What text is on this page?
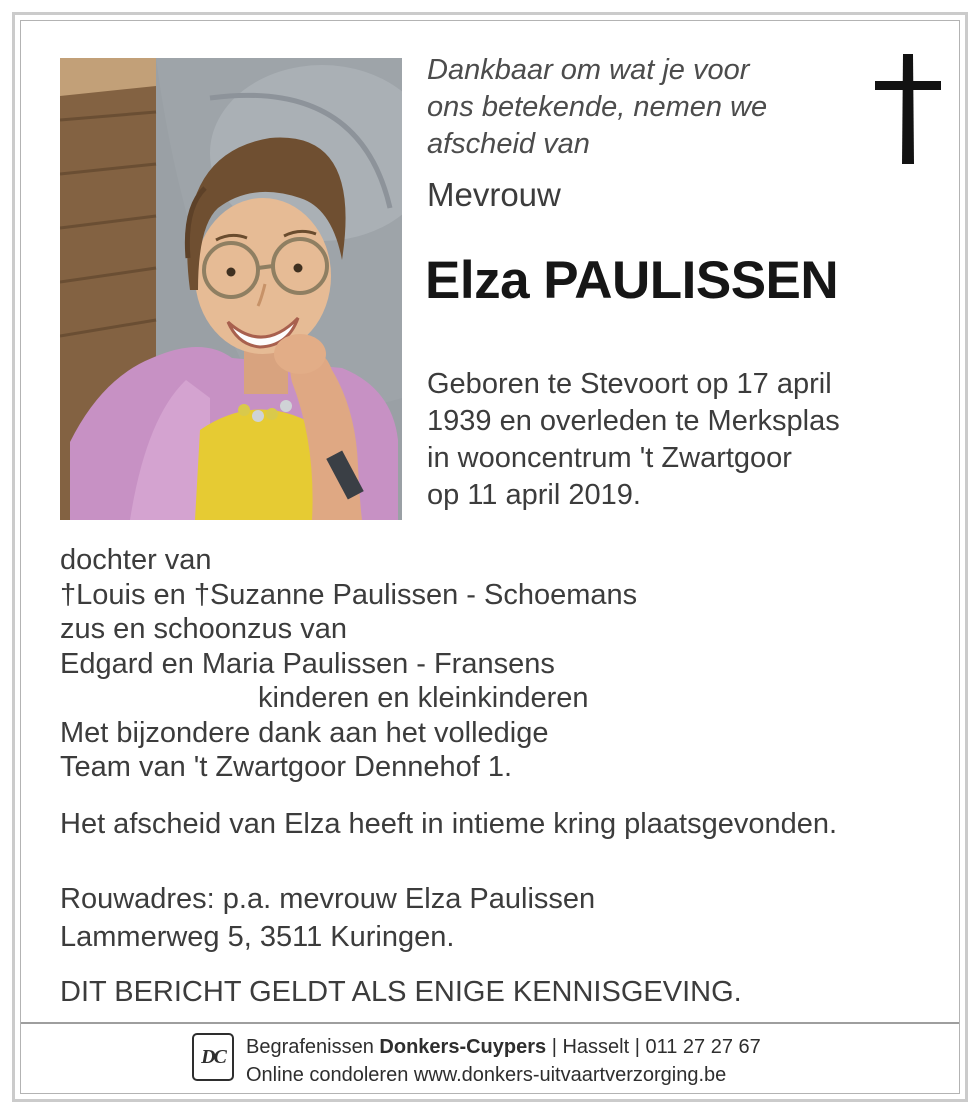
Dankbaar om wat je voor
ons betekende, nemen we
afscheid van
Mevrouw
Elza PAULISSEN
Geboren te Stevoort op 17 april
1939 en overleden te Merksplas
in wooncentrum 't Zwartgoor
op 11 april 2019.
dochter van
†Louis en †Suzanne Paulissen - Schoemans
zus en schoonzus van
Edgard en Maria Paulissen - Fransens
kinderen en kleinkinderen
Met bijzondere dank aan het volledige
Team van 't Zwartgoor Dennehof 1.
Het afscheid van Elza heeft in intieme kring plaatsgevonden.
Rouwadres: p.a. mevrouw Elza Paulissen
Lammerweg 5, 3511 Kuringen.
DIT BERICHT GELDT ALS ENIGE KENNISGEVING.
DC Begrafenissen Donkers-Cuypers | Hasselt | 011 27 27 67
Online condoleren www.donkers-uitvaartverzorging.be
